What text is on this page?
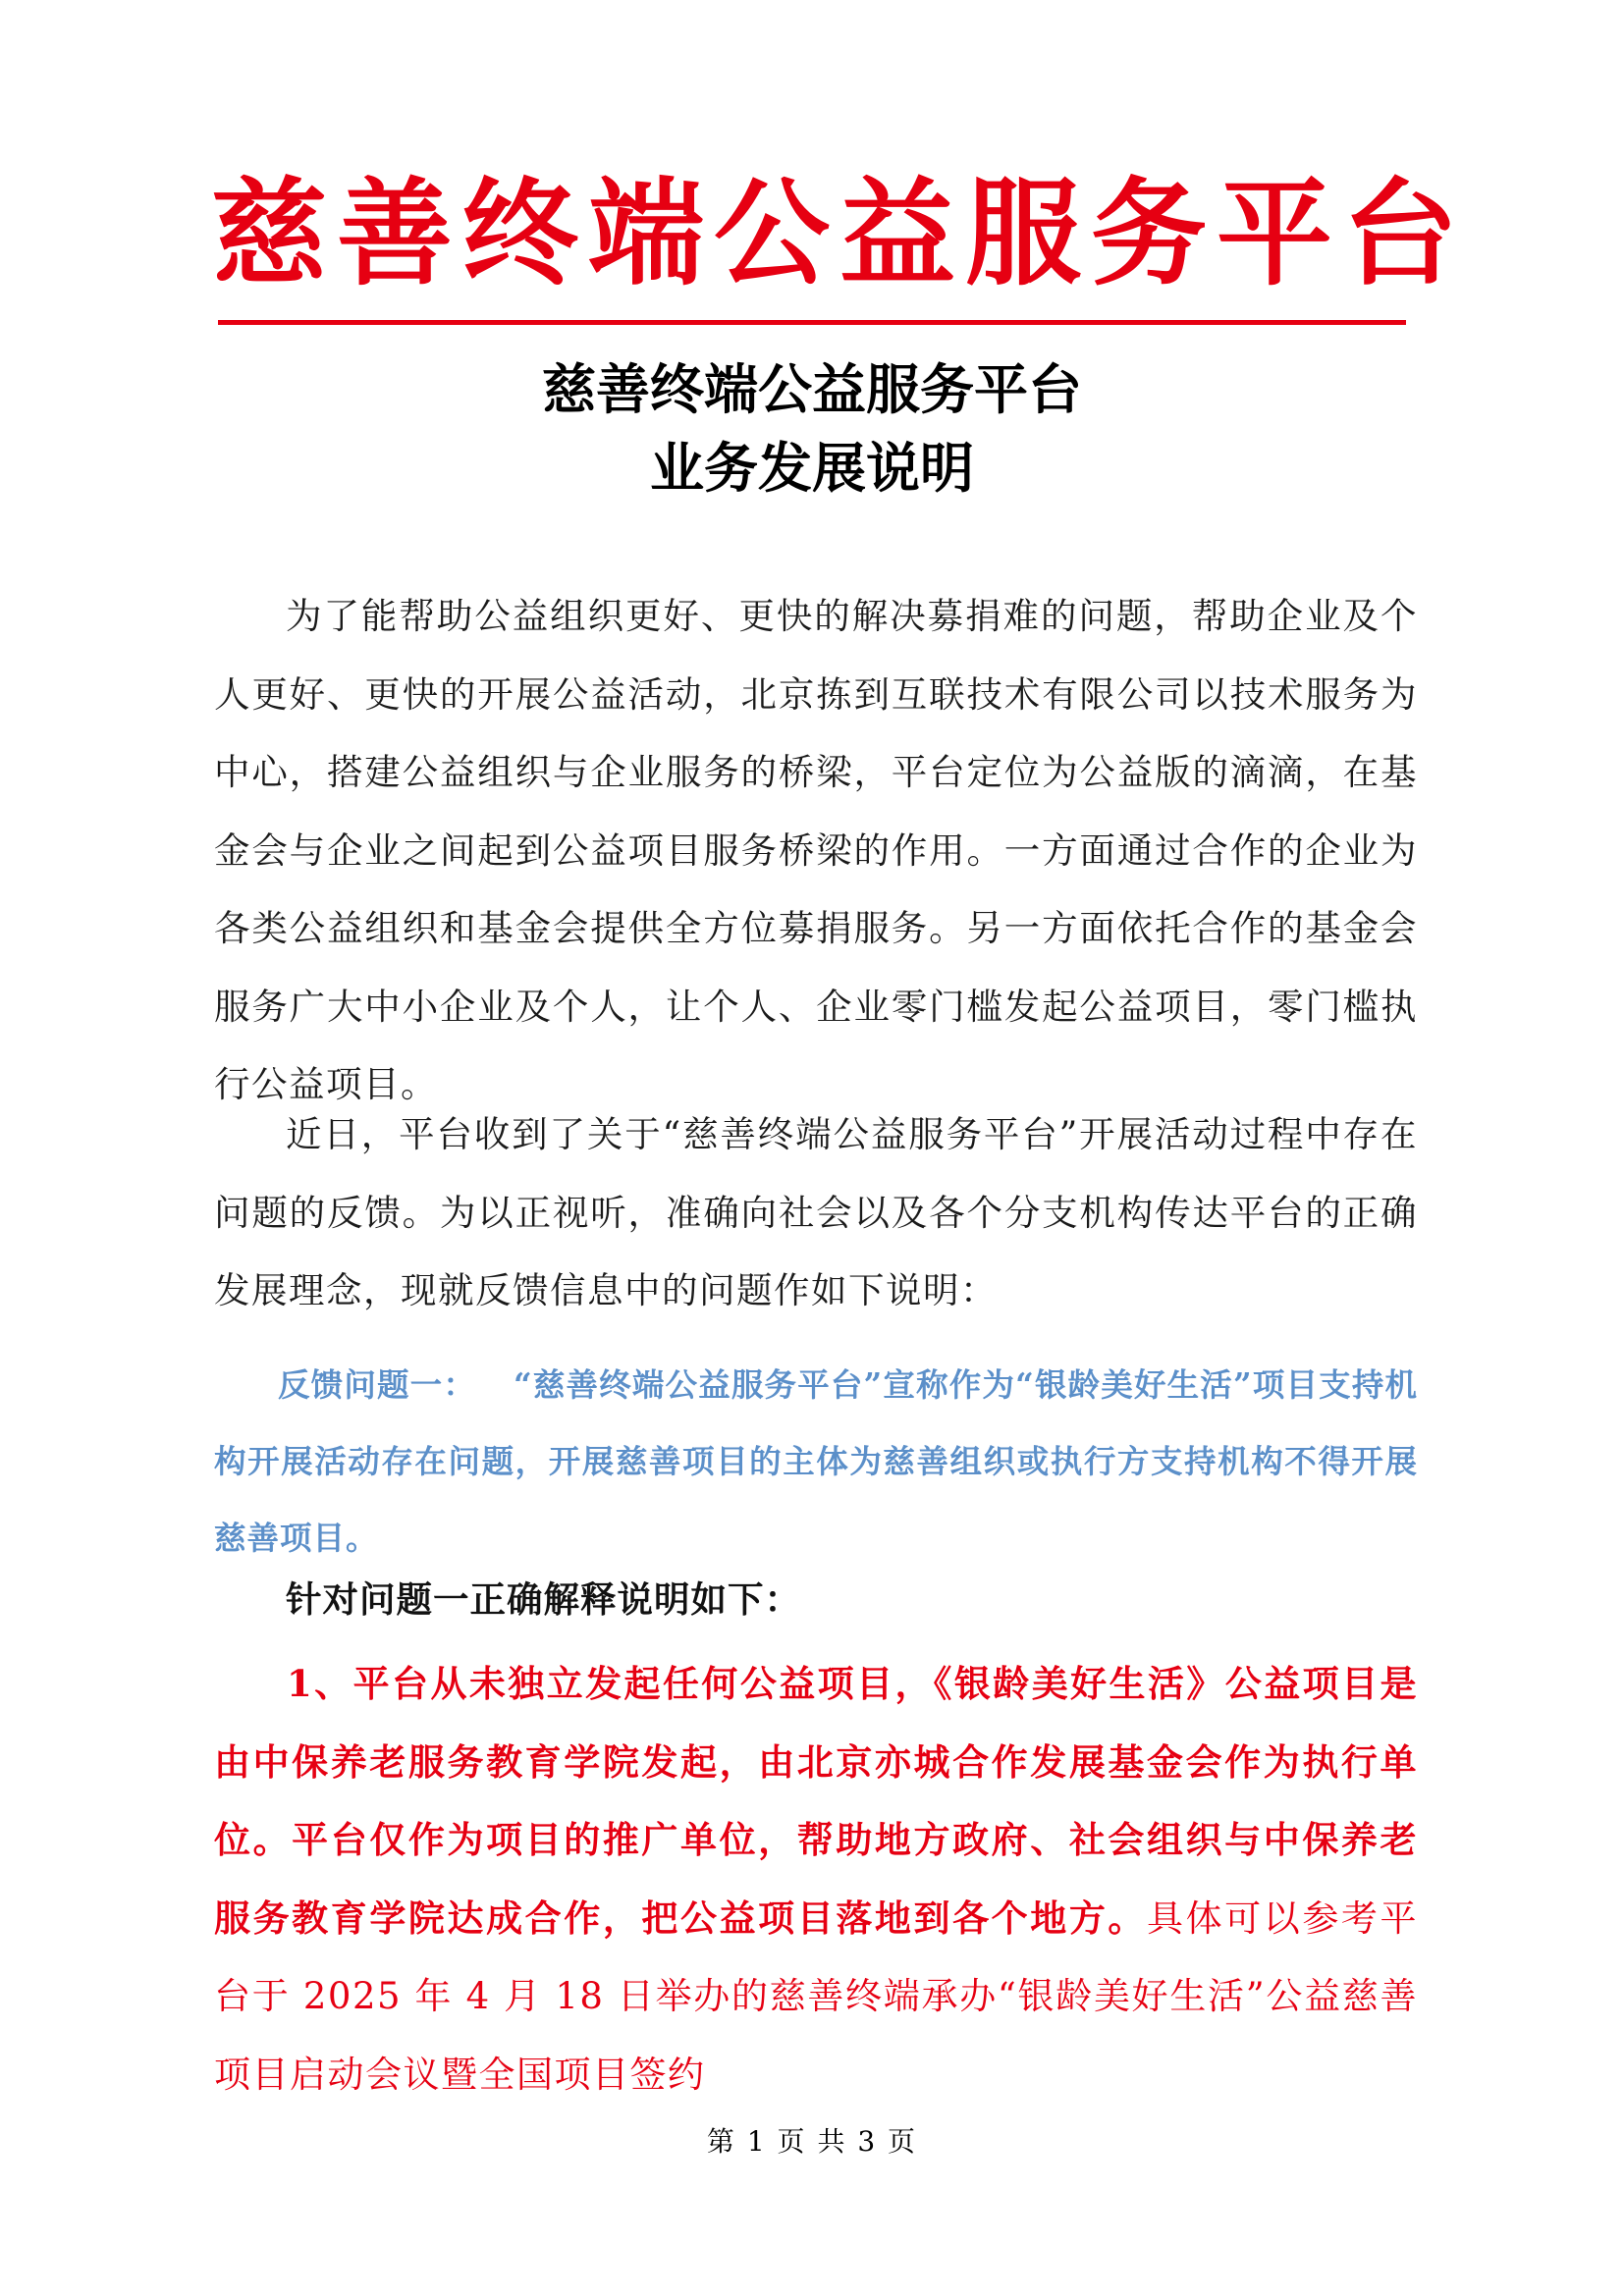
慈善终端公益服务平台
慈善终端公益服务平台
业务发展说明

为了能帮助公益组织更好、更快的解决募捐难的问题，帮助企业及个人更好、更快的开展公益活动，北京拣到互联技术有限公司以技术服务为中心，搭建公益组织与企业服务的桥梁，平台定位为公益版的滴滴，在基金会与企业之间起到公益项目服务桥梁的作用。一方面通过合作的企业为各类公益组织和基金会提供全方位募捐服务。另一方面依托合作的基金会服务广大中小企业及个人，让个人、企业零门槛发起公益项目，零门槛执行公益项目。

近日，平台收到了关于“慈善终端公益服务平台”开展活动过程中存在问题的反馈。为以正视听，准确向社会以及各个分支机构传达平台的正确发展理念，现就反馈信息中的问题作如下说明：

反馈问题一： “慈善终端公益服务平台”宣称作为“银龄美好生活”项目支持机构开展活动存在问题，开展慈善项目的主体为慈善组织或执行方支持机构不得开展慈善项目。

针对问题一正确解释说明如下：

1、平台从未独立发起任何公益项目，《银龄美好生活》公益项目是由中保养老服务教育学院发起，由北京亦城合作发展基金会作为执行单位。平台仅作为项目的推广单位，帮助地方政府、社会组织与中保养老服务教育学院达成合作，把公益项目落地到各个地方。具体可以参考平台于 2025 年 4 月 18 日举办的慈善终端承办“银龄美好生活”公益慈善项目启动会议暨全国项目签约

第 1 页 共 3 页
